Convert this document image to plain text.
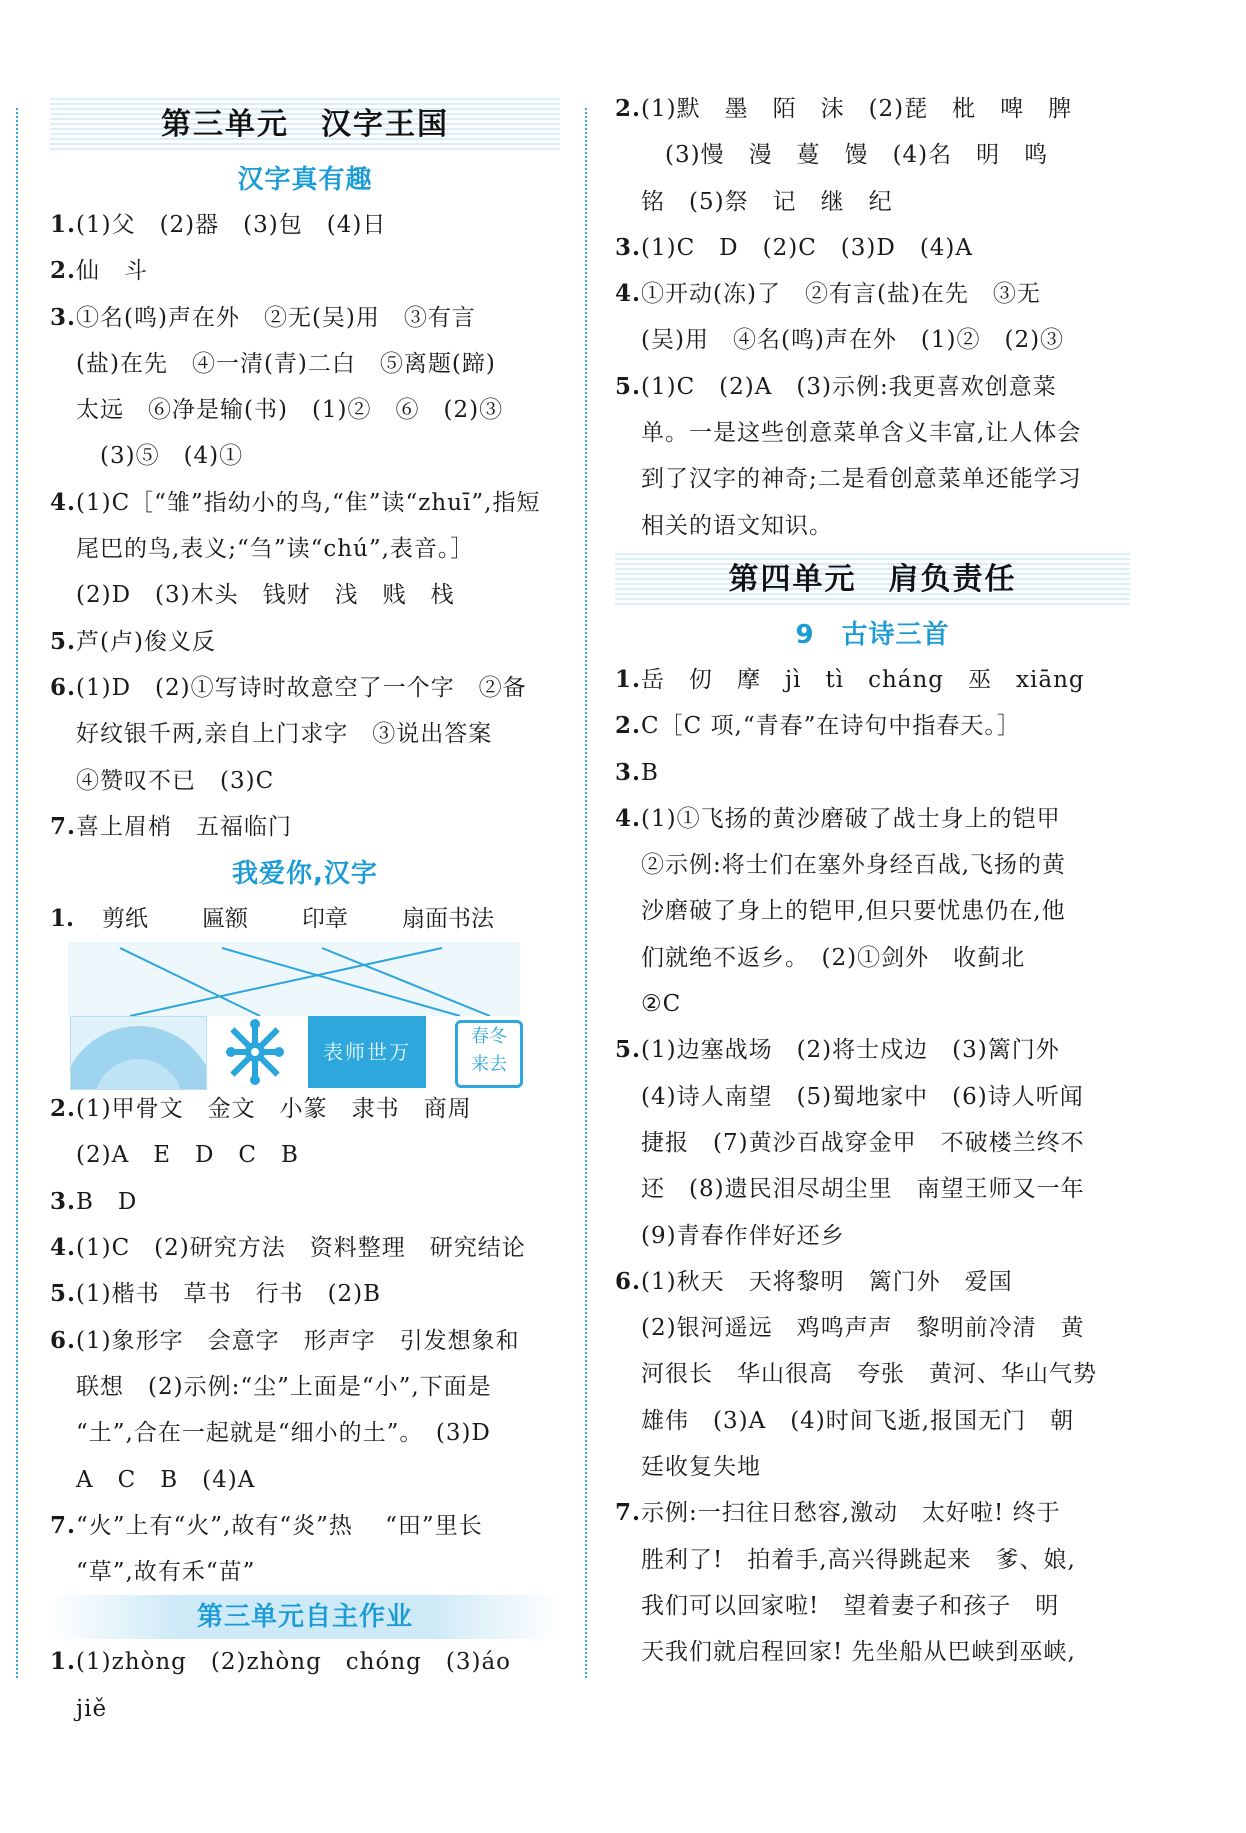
第三单元　汉字王国
汉字真有趣
1. (1)父　(2)器　(3)包　(4)日
2. 仙　斗
3. ①名(鸣)声在外　②无(吴)用　③有言
(盐)在先　④一清(青)二白　⑤离题(蹄)
太远　⑥净是输(书)　(1)②　⑥　(2)③
　(3)⑤　(4)①
4. (1)C［“雏”指幼小的鸟,“隹”读“zhuī”,指短
尾巴的鸟,表义;“刍”读“chú”,表音。］
(2)D　(3)木头　钱财　浅　贱　栈
5. 芦(卢)俊义反
6. (1)D　(2)①写诗时故意空了一个字　②备
好纹银千两,亲自上门求字　③说出答案
④赞叹不已　(3)C
7. 喜上眉梢　五福临门
我爱你,汉字
1. 剪纸 匾额 印章 扇面书法
表师世万
春冬
来去
2. (1)甲骨文　金文　小篆　隶书　商周
(2)A　E　D　C　B
3. B　D
4. (1)C　(2)研究方法　资料整理　研究结论
5. (1)楷书　草书　行书　(2)B
6. (1)象形字　会意字　形声字　引发想象和
联想　(2)示例:“尘”上面是“小”,下面是
“土”,合在一起就是“细小的土”。　(3)D
A　C　B　(4)A
7. “火”上有“火”,故有“炎”热　 “田”里长
“草”,故有禾“苗”
第三单元自主作业
1. (1)zhòng　(2)zhòng　chóng　(3)áo　jiě
2. (1)默　墨　陌　沫　(2)琵　枇　啤　脾
　(3)慢　漫　蔓　馒　(4)名　明　鸣
铭　(5)祭　记　继　纪
3. (1)C　D　(2)C　(3)D　(4)A
4. ①开动(冻)了　②有言(盐)在先　③无
(吴)用　④名(鸣)声在外　(1)②　(2)③
5. (1)C　(2)A　(3)示例:我更喜欢创意菜
单。一是这些创意菜单含义丰富,让人体会
到了汉字的神奇;二是看创意菜单还能学习
相关的语文知识。
第四单元　肩负责任
9　古诗三首
1. 岳　仞　摩　jì　tì　cháng　巫　xiāng
2. C［C 项,“青春”在诗句中指春天。］
3. B
4. (1)①飞扬的黄沙磨破了战士身上的铠甲
②示例:将士们在塞外身经百战,飞扬的黄
沙磨破了身上的铠甲,但只要忧患仍在,他
们就绝不返乡。　(2)①剑外　收蓟北
②C
5. (1)边塞战场　(2)将士戍边　(3)篱门外
(4)诗人南望　(5)蜀地家中　(6)诗人听闻
捷报　(7)黄沙百战穿金甲　不破楼兰终不
还　(8)遗民泪尽胡尘里　南望王师又一年
(9)青春作伴好还乡
6. (1)秋天　天将黎明　篱门外　爱国
(2)银河遥远　鸡鸣声声　黎明前冷清　黄
河很长　华山很高　夸张　黄河、华山气势
雄伟　(3)A　(4)时间飞逝,报国无门　朝
廷收复失地
7. 示例:一扫往日愁容,激动　太好啦! 终于
胜利了!　拍着手,高兴得跳起来　爹、娘,
我们可以回家啦!　望着妻子和孩子　明
天我们就启程回家! 先坐船从巴峡到巫峡,
